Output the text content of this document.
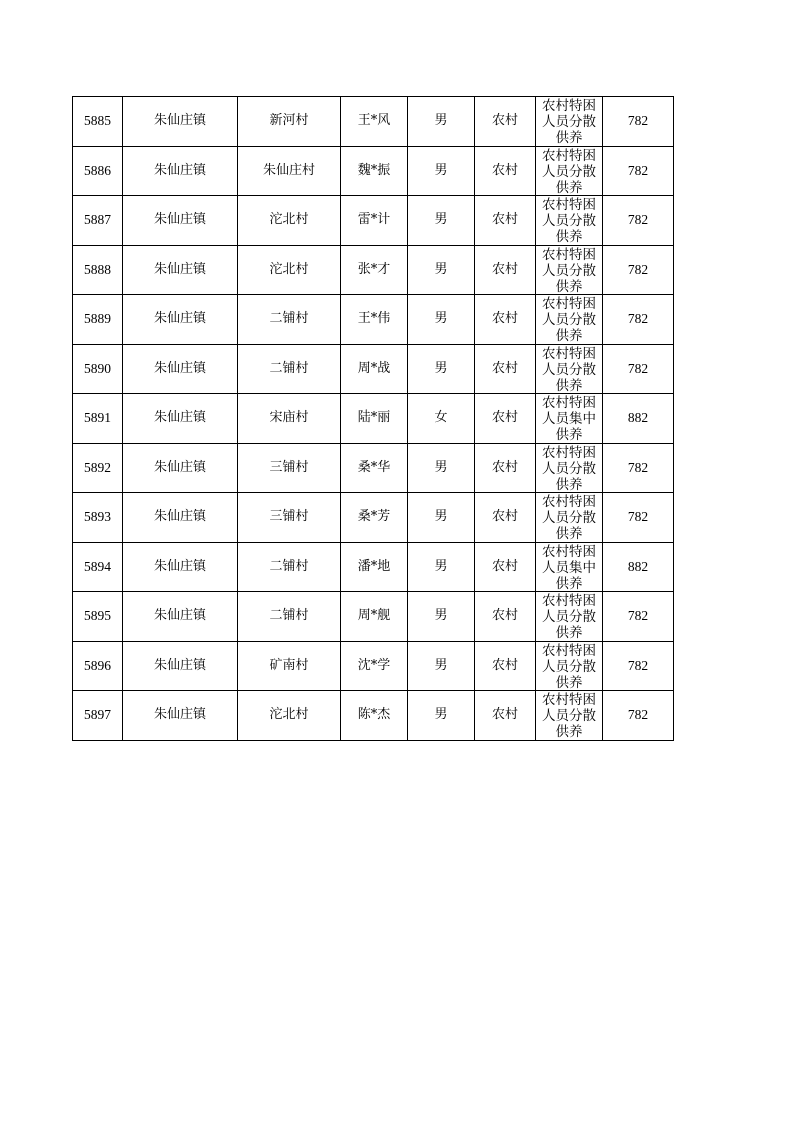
5885	朱仙庄镇	新河村	王*风	男	农村	农村特困人员分散供养	782
5886	朱仙庄镇	朱仙庄村	魏*振	男	农村	农村特困人员分散供养	782
5887	朱仙庄镇	沱北村	雷*计	男	农村	农村特困人员分散供养	782
5888	朱仙庄镇	沱北村	张*才	男	农村	农村特困人员分散供养	782
5889	朱仙庄镇	二铺村	王*伟	男	农村	农村特困人员分散供养	782
5890	朱仙庄镇	二铺村	周*战	男	农村	农村特困人员分散供养	782
5891	朱仙庄镇	宋庙村	陆*丽	女	农村	农村特困人员集中供养	882
5892	朱仙庄镇	三铺村	桑*华	男	农村	农村特困人员分散供养	782
5893	朱仙庄镇	三铺村	桑*芳	男	农村	农村特困人员分散供养	782
5894	朱仙庄镇	二铺村	潘*地	男	农村	农村特困人员集中供养	882
5895	朱仙庄镇	二铺村	周*舰	男	农村	农村特困人员分散供养	782
5896	朱仙庄镇	矿南村	沈*学	男	农村	农村特困人员分散供养	782
5897	朱仙庄镇	沱北村	陈*杰	男	农村	农村特困人员分散供养	782
